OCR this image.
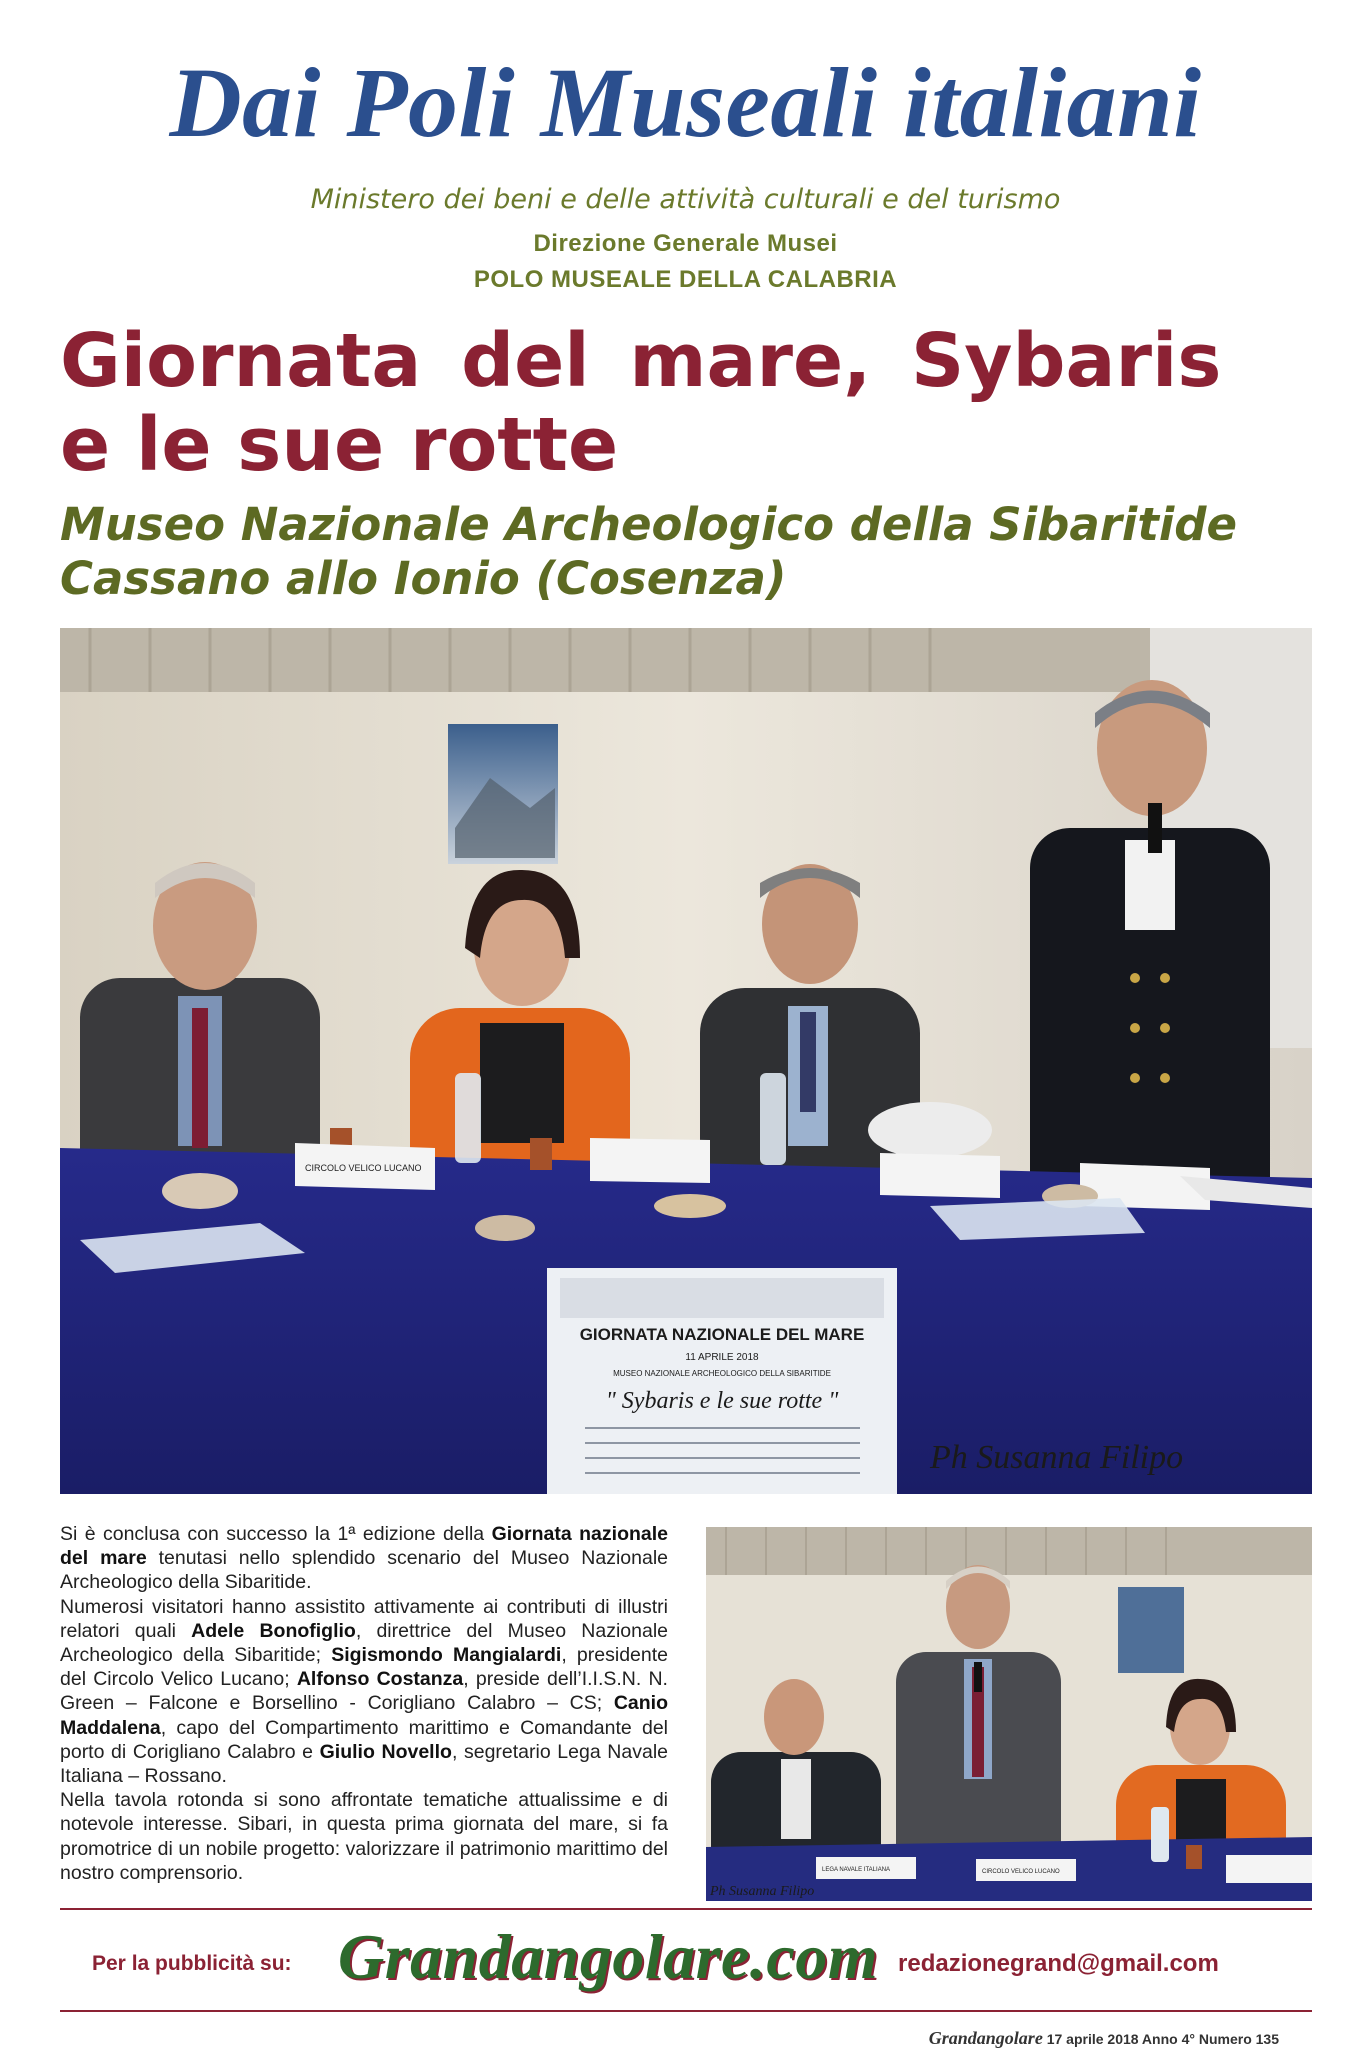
Dai Poli Museali italiani
Ministero dei beni e delle attività culturali e del turismo
Direzione Generale Musei
POLO MUSEALE DELLA CALABRIA
Giornata del mare, Sybaris
e le sue rotte
Museo Nazionale Archeologico della Sibaritide
Cassano allo Ionio (Cosenza)
CIRCOLO VELICO LUCANO
GIORNATA NAZIONALE DEL MARE
11 APRILE 2018
MUSEO NAZIONALE ARCHEOLOGICO DELLA SIBARITIDE
" Sybaris e le sue rotte "
Ph Susanna Filipo

Si è conclusa con successo la 1ª edizione della Giornata nazionale del mare tenutasi nello splendido scenario del Museo Nazionale Archeologico della Sibaritide.

Numerosi visitatori hanno assistito attivamente ai contributi di illustri relatori quali Adele Bonofiglio, direttrice del Museo Nazionale Archeologico della Sibaritide; Sigismondo Mangialardi, presidente del Circolo Velico Lucano; Alfonso Costanza, preside dell’I.I.S.N. N. Green – Falcone e Borsellino - Corigliano Calabro – CS; Canio Maddalena, capo del Compartimento marittimo e Comandante del porto di Corigliano Calabro e Giulio Novello, segretario Lega Navale Italiana – Rossano.

Nella tavola rotonda si sono affrontate tematiche attualissime e di notevole interesse. Sibari, in questa prima giornata del mare, si fa promotrice di un nobile progetto: valorizzare il patrimonio marittimo del nostro comprensorio.	LEGA NAVALE ITALIANA	CIRCOLO VELICO LUCANO
Ph Susanna Filipo
Per la pubblicità su: Grandangolare.com redazionegrand@gmail.com
Grandangolare 17 aprile 2018 Anno 4° Numero 135
